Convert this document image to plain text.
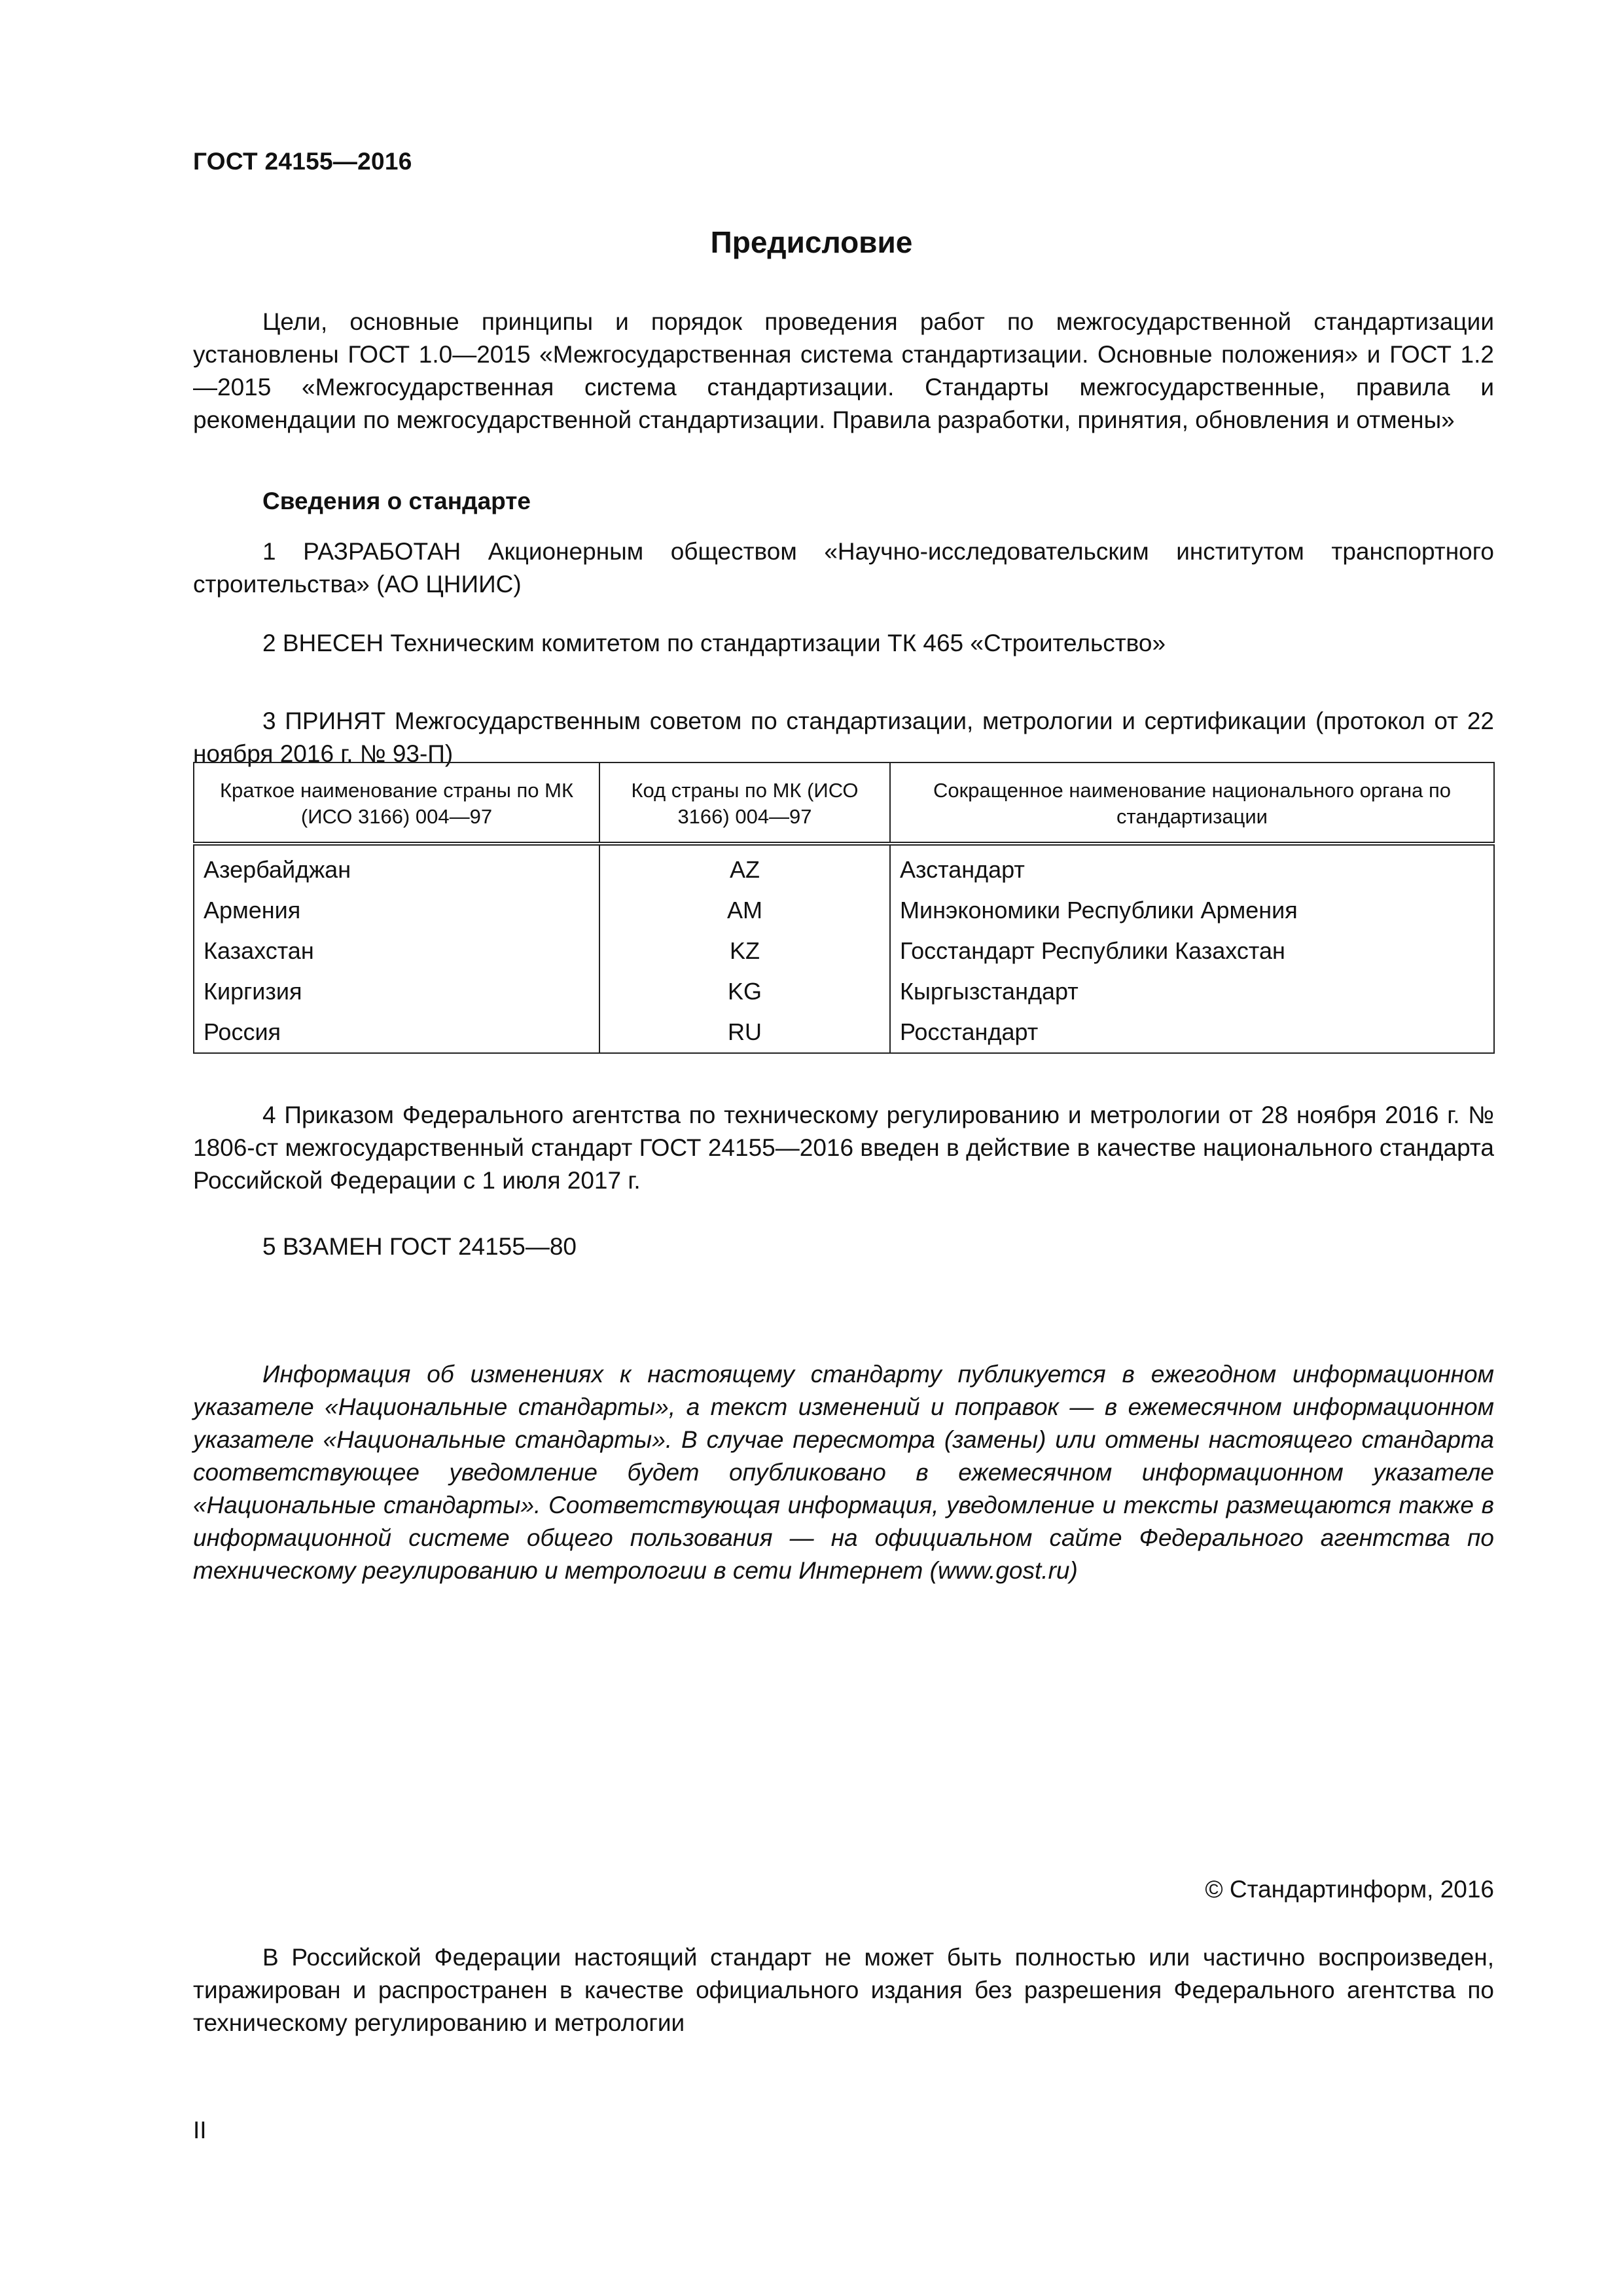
ГОСТ 24155—2016
Предисловие
Цели, основные принципы и порядок проведения работ по межгосударственной стандартизации установлены ГОСТ 1.0—2015 «Межгосударственная система стандартизации. Основные положения» и ГОСТ 1.2—2015 «Межгосударственная система стандартизации. Стандарты межгосударственные, правила и рекомендации по межгосударственной стандартизации. Правила разработки, принятия, обновления и отмены»
Сведения о стандарте
1 РАЗРАБОТАН Акционерным обществом «Научно-исследовательским институтом транспортного строительства» (АО ЦНИИС)
2 ВНЕСЕН Техническим комитетом по стандартизации ТК 465 «Строительство»
3 ПРИНЯТ Межгосударственным советом по стандартизации, метрологии и сертификации (протокол от 22 ноября 2016 г. № 93-П)
Краткое наименование страны по МК (ИСО 3166) 004—97	Код страны по МК (ИСО 3166) 004—97	Сокращенное наименование национального органа по стандартизации
Азербайджан	AZ	Азстандарт
Армения	AM	Минэкономики Республики Армения
Казахстан	KZ	Госстандарт Республики Казахстан
Киргизия	KG	Кыргызстандарт
Россия	RU	Росстандарт
4 Приказом Федерального агентства по техническому регулированию и метрологии от 28 ноября 2016 г. № 1806-ст межгосударственный стандарт ГОСТ 24155—2016 введен в действие в качестве национального стандарта Российской Федерации с 1 июля 2017 г.
5 ВЗАМЕН ГОСТ 24155—80
Информация об изменениях к настоящему стандарту публикуется в ежегодном информационном указателе «Национальные стандарты», а текст изменений и поправок — в ежемесячном информационном указателе «Национальные стандарты». В случае пересмотра (замены) или отмены настоящего стандарта соответствующее уведомление будет опубликовано в ежемесячном информационном указателе «Национальные стандарты». Соответствующая информация, уведомление и тексты размещаются также в информационной системе общего пользования — на официальном сайте Федерального агентства по техническому регулированию и метрологии в сети Интернет (www.gost.ru)
© Стандартинформ, 2016
В Российской Федерации настоящий стандарт не может быть полностью или частично воспроизведен, тиражирован и распространен в качестве официального издания без разрешения Федерального агентства по техническому регулированию и метрологии
II
